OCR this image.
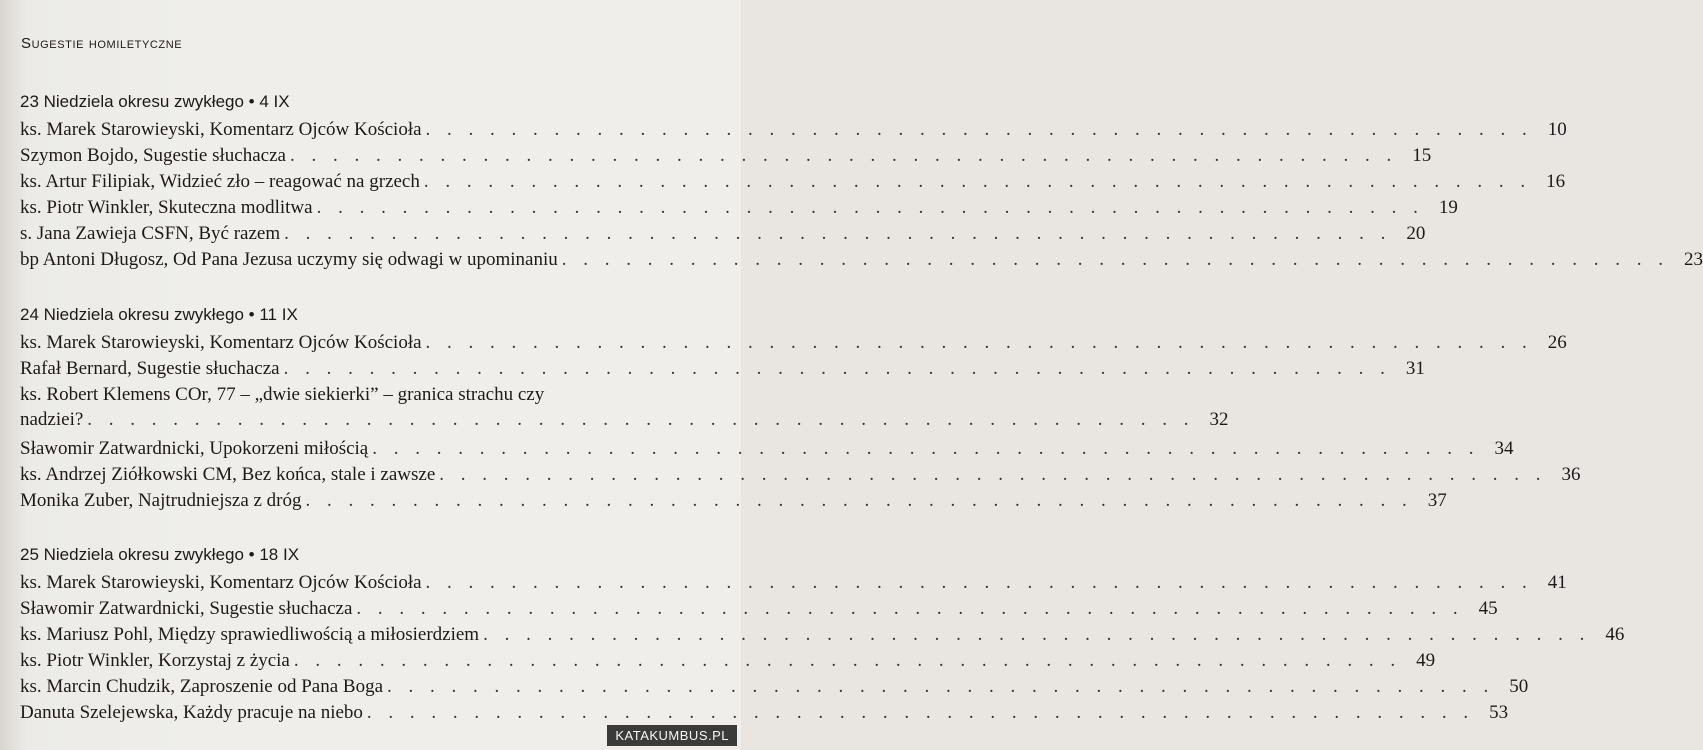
Sugestie homiletyczne
23 Niedziela okresu zwykłego • 4 IX
ks. Marek Starowieyski, Komentarz Ojców Kościoła . . . . . . . . . . . . . . . . . . . . . . . . . . . . . . . . . . . . . . . . . . . . . . . . . . . . 10
Szymon Bojdo, Sugestie słuchacza . . . . . . . . . . . . . . . . . . . . . . . . . . . . . . . . . . . . . . . . . . . . . . . . . . . . 15
ks. Artur Filipiak, Widzieć zło – reagować na grzech . . . . . . . . . . . . . . . . . . . . . . . . . . . . . . . . . . . . . . . . . . . . . . . . . . . . 16
ks. Piotr Winkler, Skuteczna modlitwa . . . . . . . . . . . . . . . . . . . . . . . . . . . . . . . . . . . . . . . . . . . . . . . . . . . . 19
s. Jana Zawieja CSFN, Być razem . . . . . . . . . . . . . . . . . . . . . . . . . . . . . . . . . . . . . . . . . . . . . . . . . . . . 20
bp Antoni Długosz, Od Pana Jezusa uczymy się odwagi w upominaniu . . . . . . . . . . . . . . . . . . . . . . . . . . . . . . . . . . . . . . . . . . . . . . . . . . . . 23
24 Niedziela okresu zwykłego • 11 IX
ks. Marek Starowieyski, Komentarz Ojców Kościoła . . . . . . . . . . . . . . . . . . . . . . . . . . . . . . . . . . . . . . . . . . . . . . . . . . . . 26
Rafał Bernard, Sugestie słuchacza . . . . . . . . . . . . . . . . . . . . . . . . . . . . . . . . . . . . . . . . . . . . . . . . . . . . 31
ks. Robert Klemens COr, 77 – „dwie siekierki” – granica strachu czy
nadziei? . . . . . . . . . . . . . . . . . . . . . . . . . . . . . . . . . . . . . . . . . . . . . . . . . . . . 32
Sławomir Zatwardnicki, Upokorzeni miłością . . . . . . . . . . . . . . . . . . . . . . . . . . . . . . . . . . . . . . . . . . . . . . . . . . . . 34
ks. Andrzej Ziółkowski CM, Bez końca, stale i zawsze . . . . . . . . . . . . . . . . . . . . . . . . . . . . . . . . . . . . . . . . . . . . . . . . . . . . 36
Monika Zuber, Najtrudniejsza z dróg . . . . . . . . . . . . . . . . . . . . . . . . . . . . . . . . . . . . . . . . . . . . . . . . . . . . 37
25 Niedziela okresu zwykłego • 18 IX
ks. Marek Starowieyski, Komentarz Ojców Kościoła . . . . . . . . . . . . . . . . . . . . . . . . . . . . . . . . . . . . . . . . . . . . . . . . . . . . 41
Sławomir Zatwardnicki, Sugestie słuchacza . . . . . . . . . . . . . . . . . . . . . . . . . . . . . . . . . . . . . . . . . . . . . . . . . . . . 45
ks. Mariusz Pohl, Między sprawiedliwością a miłosierdziem . . . . . . . . . . . . . . . . . . . . . . . . . . . . . . . . . . . . . . . . . . . . . . . . . . . . 46
ks. Piotr Winkler, Korzystaj z życia . . . . . . . . . . . . . . . . . . . . . . . . . . . . . . . . . . . . . . . . . . . . . . . . . . . . 49
ks. Marcin Chudzik, Zaproszenie od Pana Boga . . . . . . . . . . . . . . . . . . . . . . . . . . . . . . . . . . . . . . . . . . . . . . . . . . . . 50
Danuta Szelejewska, Każdy pracuje na niebo . . . . . . . . . . . . . . . . . . . . . . . . . . . . . . . . . . . . . . . . . . . . . . . . . . . . 53
KATAKUMBUS.PL
